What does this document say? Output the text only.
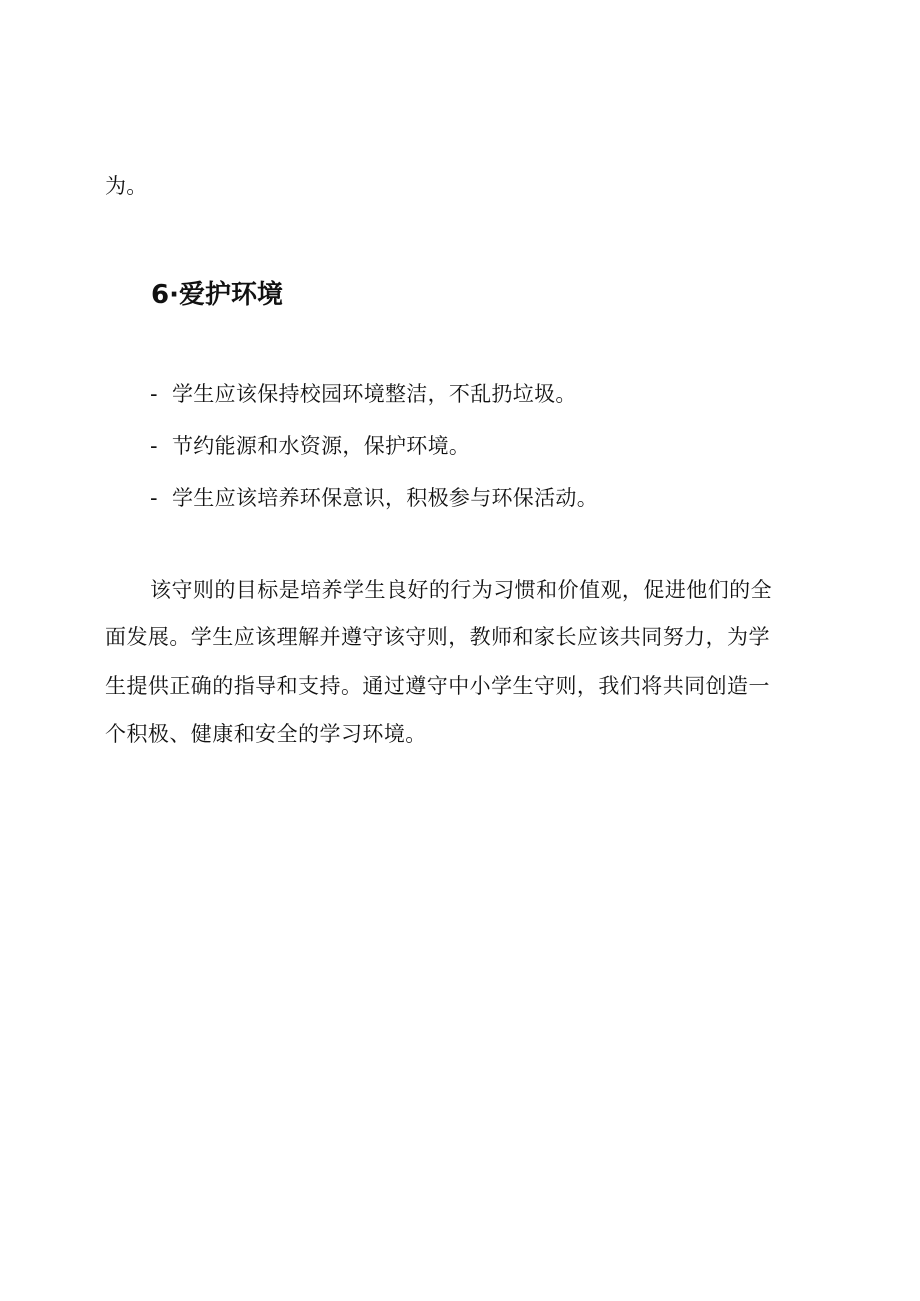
为。
6·爱护环境
- 学生应该保持校园环境整洁，不乱扔垃圾。
- 节约能源和水资源，保护环境。
- 学生应该培养环保意识，积极参与环保活动。
该守则的目标是培养学生良好的行为习惯和价值观，促进他们的全
面发展。学生应该理解并遵守该守则，教师和家长应该共同努力，为学
生提供正确的指导和支持。通过遵守中小学生守则，我们将共同创造一
个积极、健康和安全的学习环境。
